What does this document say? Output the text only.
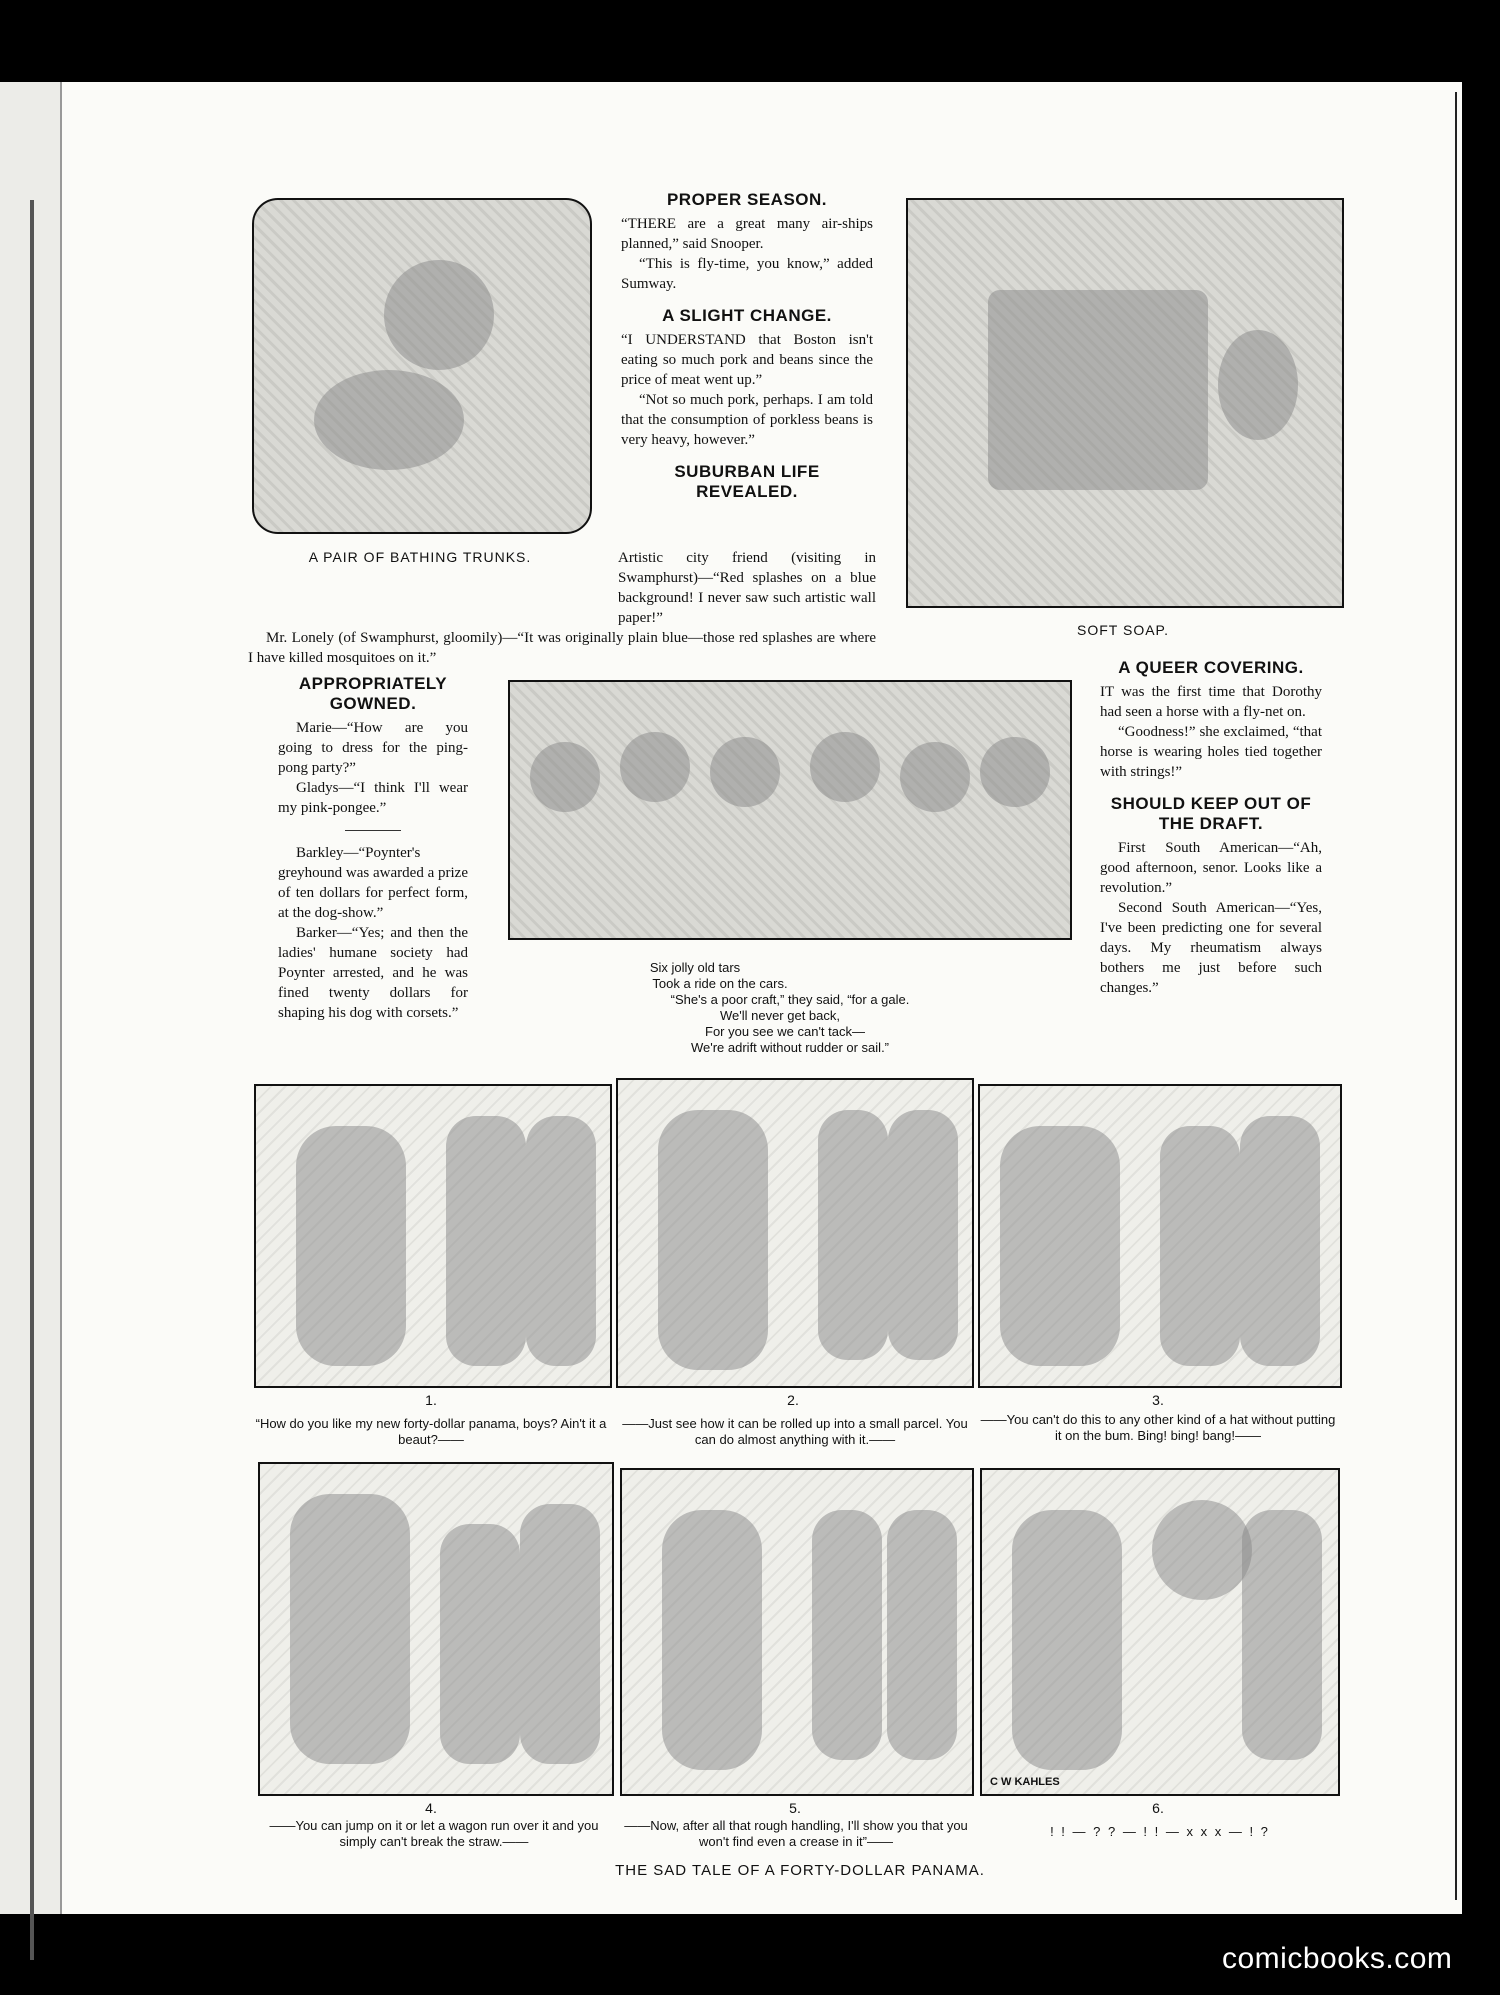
A PAIR OF BATHING TRUNKS.
PROPER SEASON.

“THERE are a great many air-ships planned,” said Snooper.

“This is fly-time, you know,” added Sumway.

A SLIGHT CHANGE.

“I UNDERSTAND that Boston isn't eating so much pork and beans since the price of meat went up.”

“Not so much pork, perhaps. I am told that the consumption of porkless beans is very heavy, however.”

SUBURBAN LIFE REVEALED.

Artistic city friend (visiting in Swamphurst)—“Red splashes on a blue background! I never saw such artistic wall paper!”

Mr. Lonely (of Swamphurst, gloomily)—“It was originally plain blue—those red splashes are where I have killed mosquitoes on it.”

SOFT SOAP.
APPROPRIATELY GOWNED.

Marie—“How are you going to dress for the ping-pong party?”

Gladys—“I think I'll wear my pink-pongee.”

Barkley—“Poynter's greyhound was awarded a prize of ten dollars for perfect form, at the dog-show.”

Barker—“Yes; and then the ladies' humane society had Poynter arrested, and he was fined twenty dollars for shaping his dog with corsets.”

Six jolly old tars
Took a ride on the cars.
“She's a poor craft,” they said, “for a gale.
We'll never get back,
For you see we can't tack—
We're adrift without rudder or sail.”
A QUEER COVERING.

IT was the first time that Dorothy had seen a horse with a fly-net on.

“Goodness!” she exclaimed, “that horse is wearing holes tied together with strings!”

SHOULD KEEP OUT OF THE DRAFT.

First South American—“Ah, good afternoon, senor. Looks like a revolution.”

Second South American—“Yes, I've been predicting one for several days. My rheumatism always bothers me just before such changes.”

1.	2.	3.
“How do you like my new forty-dollar panama, boys? Ain't it a beaut?——
——Just see how it can be rolled up into a small parcel. You can do almost anything with it.——
——You can't do this to any other kind of a hat without putting it on the bum. Bing! bing! bang!——
C W KAHLES
4.	5.	6.
——You can jump on it or let a wagon run over it and you simply can't break the straw.——
——Now, after all that rough handling, I'll show you that you won't find even a crease in it”——
! ! — ? ? — ! ! — x x x — ! ?
THE SAD TALE OF A FORTY-DOLLAR PANAMA.
comicbooks.com
